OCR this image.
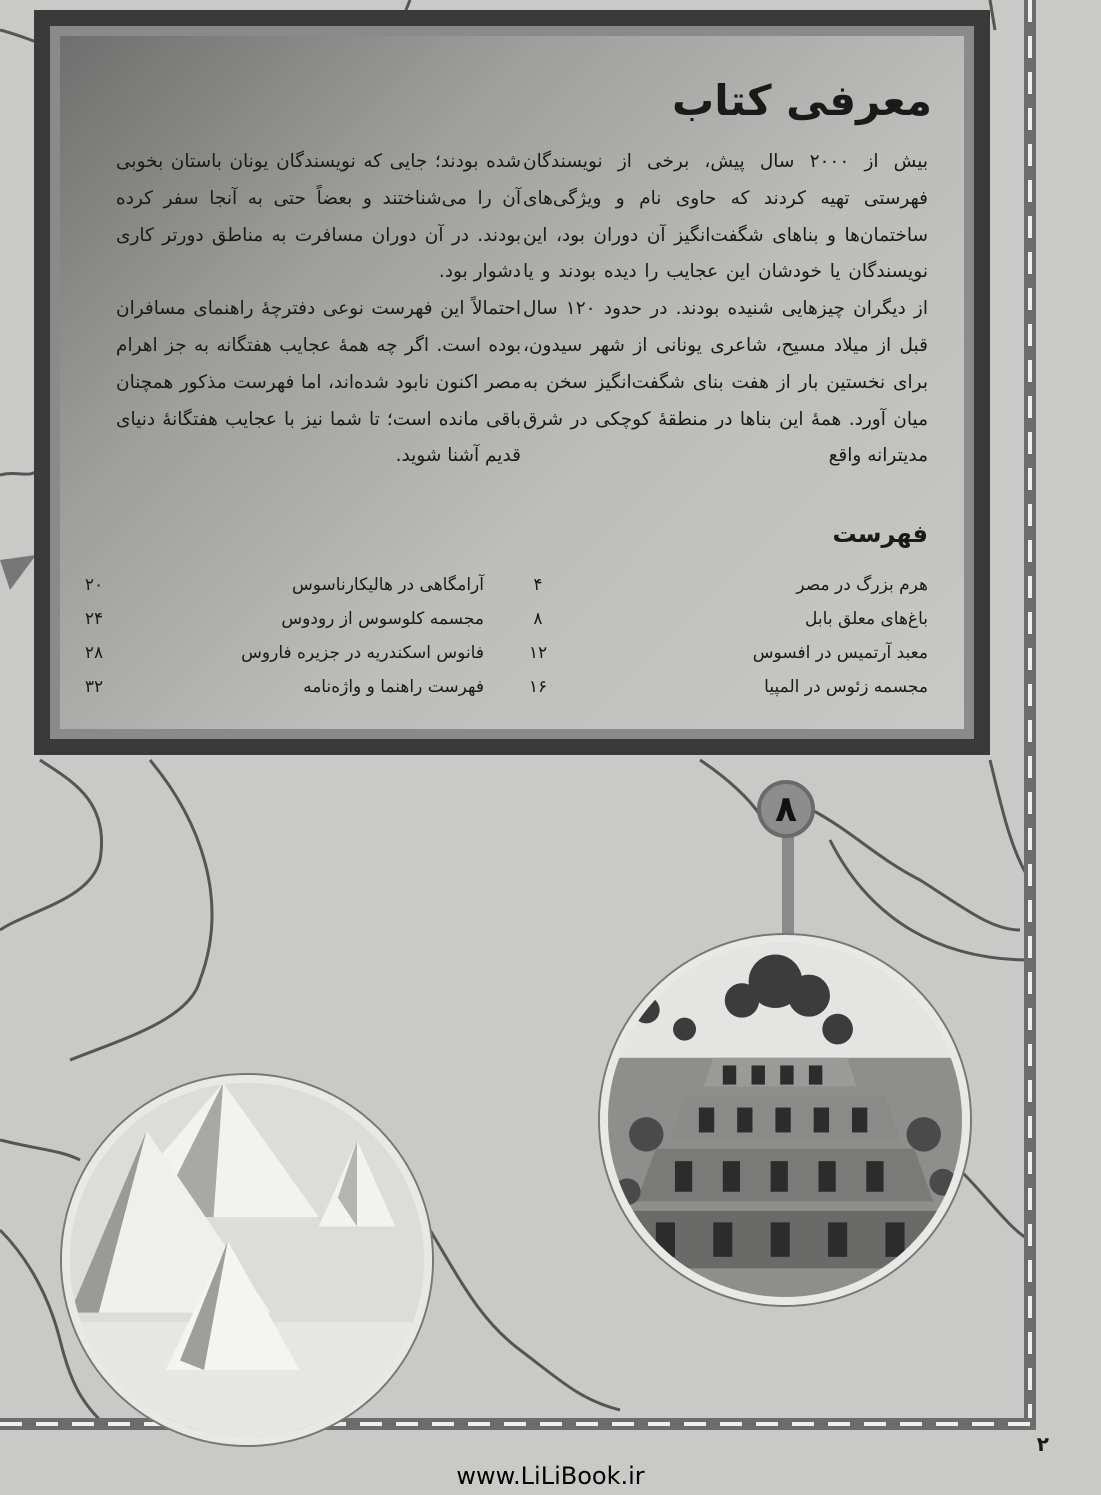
معرفی کتاب

بیش از ۲۰۰۰ سال پیش، برخی از نویسندگان فهرستی تهیه کردند که حاوی نام و ویژگی‌های ساختمان‌ها و بناهای شگفت‌انگیز آن دوران بود، این نویسندگان یا خودشان این عجایب را دیده بودند و یا از دیگران چیزهایی شنیده بودند. در حدود ۱۲۰ سال قبل از میلاد مسیح، شاعری یونانی از شهر سیدون، برای نخستین بار از هفت بنای شگفت‌انگیز سخن به میان آورد. همهٔ این بناها در منطقهٔ کوچکی در شرق مدیترانه واقع

شده بودند؛ جایی که نویسندگان یونان باستان بخوبی آن را می‌شناختند و بعضاً حتی به آنجا سفر کرده بودند. در آن دوران مسافرت به مناطق دورتر کاری دشوار بود.

احتمالاً این فهرست نوعی دفترچهٔ راهنمای مسافران بوده است. اگر چه همهٔ عجایب هفتگانه به جز اهرام مصر اکنون نابود شده‌اند، اما فهرست مذکور همچنان باقی مانده است؛ تا شما نیز با عجایب هفتگانهٔ دنیای قدیم آشنا شوید.

فهرست
هرم بزرگ در مصر
۴
باغ‌های معلق بابل
۸
معبد آرتمیس در افسوس
۱۲
مجسمه زئوس در المپیا
۱۶
آرامگاهی در هالیکارناسوس
۲۰
مجسمه کلوسوس از رودوس
۲۴
فانوس اسکندریه در جزیره فاروس
۲۸
فهرست راهنما و واژه‌نامه
۳۲
۸
۲
www.LiLiBook.ir
